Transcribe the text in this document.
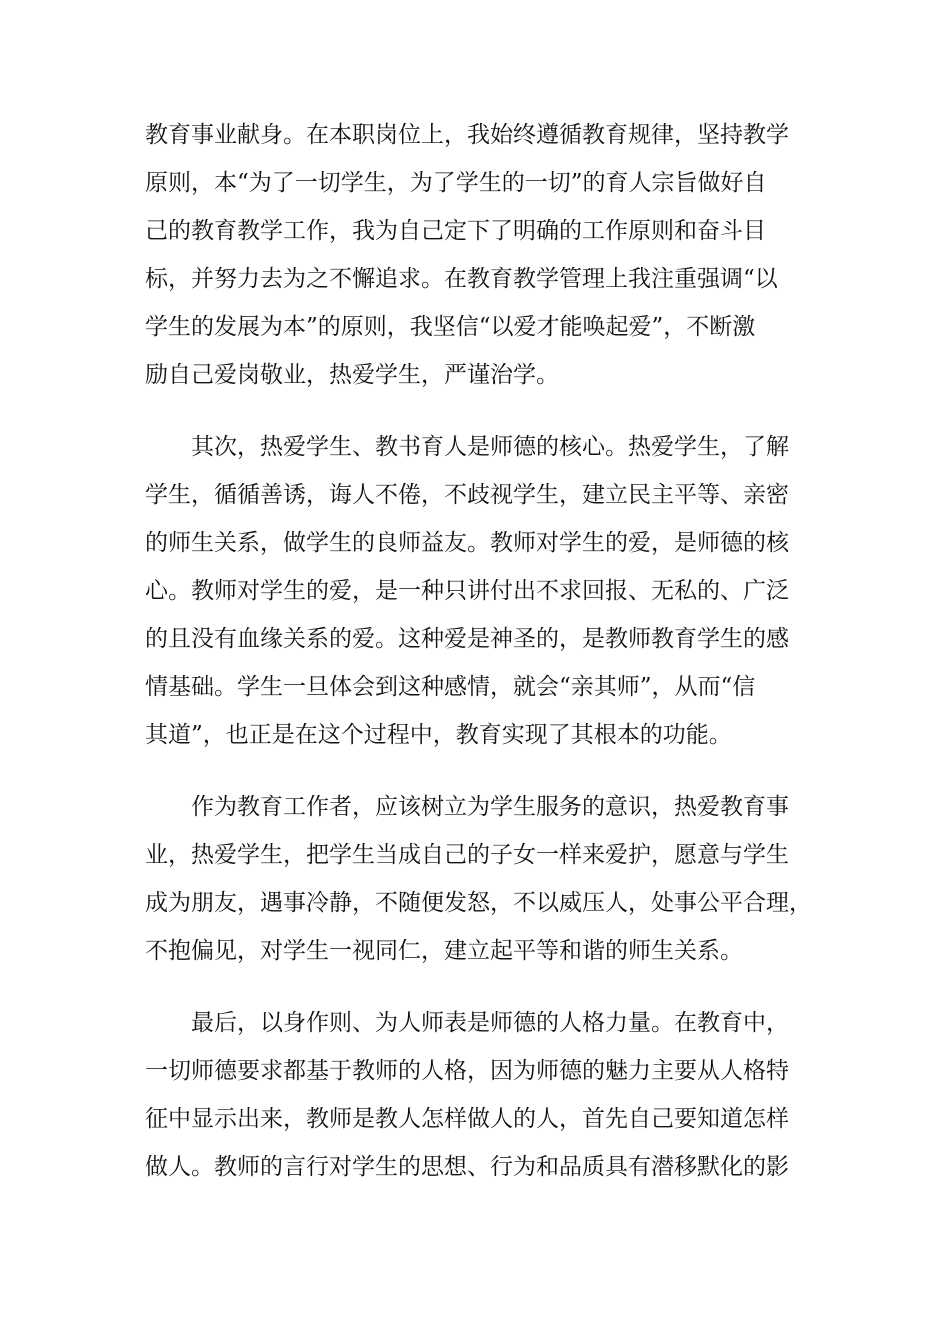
教育事业献身。在本职岗位上，我始终遵循教育规律，坚持教学
原则，本“为了一切学生，为了学生的一切”的育人宗旨做好自
己的教育教学工作，我为自己定下了明确的工作原则和奋斗目
标，并努力去为之不懈追求。在教育教学管理上我注重强调“以
学生的发展为本”的原则，我坚信“以爱才能唤起爱”，不断激
励自己爱岗敬业，热爱学生，严谨治学。
　　其次，热爱学生、教书育人是师德的核心。热爱学生，了解
学生，循循善诱，诲人不倦，不歧视学生，建立民主平等、亲密
的师生关系，做学生的良师益友。教师对学生的爱，是师德的核
心。教师对学生的爱，是一种只讲付出不求回报、无私的、广泛
的且没有血缘关系的爱。这种爱是神圣的，是教师教育学生的感
情基础。学生一旦体会到这种感情，就会“亲其师”，从而“信
其道”，也正是在这个过程中，教育实现了其根本的功能。
　　作为教育工作者，应该树立为学生服务的意识，热爱教育事
业，热爱学生，把学生当成自己的子女一样来爱护，愿意与学生
成为朋友，遇事冷静，不随便发怒，不以威压人，处事公平合理，
不抱偏见，对学生一视同仁，建立起平等和谐的师生关系。
　　最后，以身作则、为人师表是师德的人格力量。在教育中，
一切师德要求都基于教师的人格，因为师德的魅力主要从人格特
征中显示出来，教师是教人怎样做人的人，首先自己要知道怎样
做人。教师的言行对学生的思想、行为和品质具有潜移默化的影
